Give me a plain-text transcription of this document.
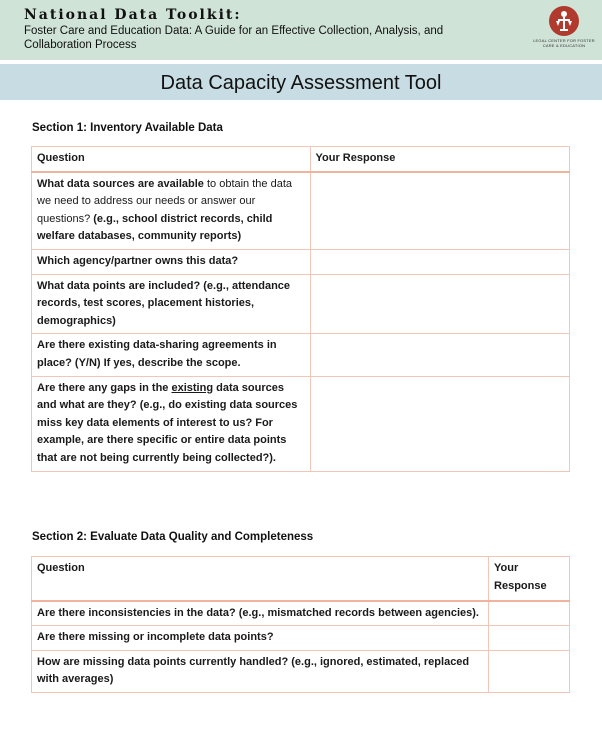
National Data Toolkit:
Foster Care and Education Data: A Guide for an Effective Collection, Analysis, and Collaboration Process	LEGAL CENTER FOR FOSTER CARE & EDUCATION
Data Capacity Assessment Tool
Section 1: Inventory Available Data
Question	Your Response
What data sources are available to obtain the data we need to address our needs or answer our questions? (e.g., school district records, child welfare databases, community reports)	
Which agency/partner owns this data?	
What data points are included? (e.g., attendance records, test scores, placement histories, demographics)	
Are there existing data-sharing agreements in place? (Y/N) If yes, describe the scope.	
Are there any gaps in the existing data sources and what are they? (e.g., do existing data sources miss key data elements of interest to us? For example, are there specific or entire data points that are not being currently being collected?).	
Section 2: Evaluate Data Quality and Completeness
Question	Your Response
Are there inconsistencies in the data? (e.g., mismatched records between agencies).	
Are there missing or incomplete data points?	
How are missing data points currently handled? (e.g., ignored, estimated, replaced with averages)	
